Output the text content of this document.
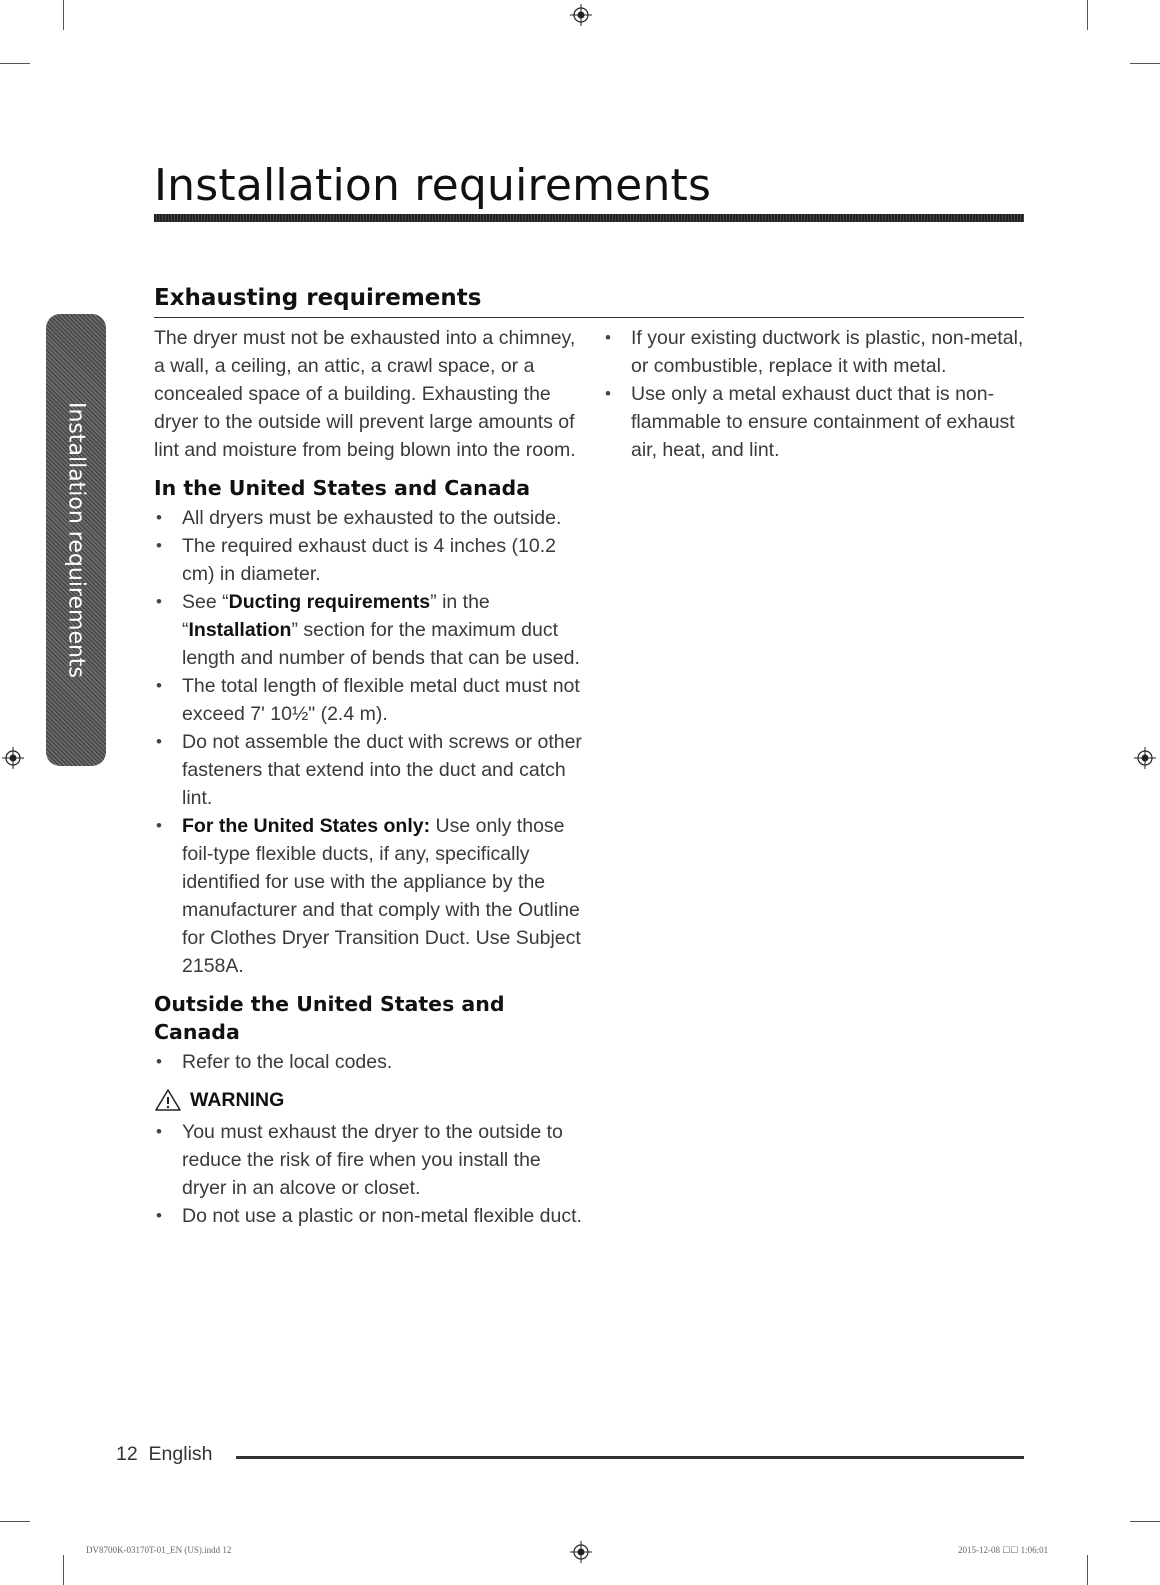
Installation requirements
Installation requirements
Exhausting requirements

The dryer must not be exhausted into a chimney, a wall, a ceiling, an attic, a crawl space, or a concealed space of a building. Exhausting the dryer to the outside will prevent large amounts of lint and moisture from being blown into the room.

In the United States and Canada

• All dryers must be exhausted to the outside.
• The required exhaust duct is 4 inches (10.2 cm) in diameter.
• See “Ducting requirements” in the “Installation” section for the maximum duct length and number of bends that can be used.
• The total length of flexible metal duct must not exceed 7' 10½" (2.4 m).
• Do not assemble the duct with screws or other fasteners that extend into the duct and catch lint.
• For the United States only: Use only those foil-type flexible ducts, if any, specifically identified for use with the appliance by the manufacturer and that comply with the Outline for Clothes Dryer Transition Duct. Use Subject 2158A.

Outside the United States and Canada

• Refer to the local codes.
WARNING
• You must exhaust the dryer to the outside to reduce the risk of fire when you install the dryer in an alcove or closet.
• Do not use a plastic or non-metal flexible duct.
• If your existing ductwork is plastic, non-metal, or combustible, replace it with metal.
• Use only a metal exhaust duct that is non-flammable to ensure containment of exhaust air, heat, and lint.
12 English
DV8700K-03170T-01_EN (US).indd 12	2015-12-08 ☐☐ 1:06:01
